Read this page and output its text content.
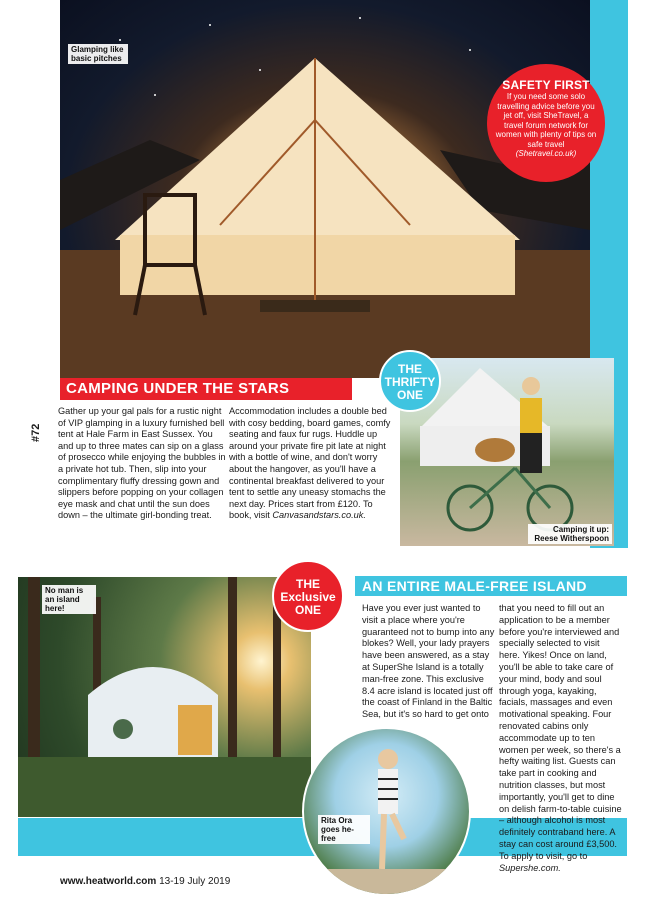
Glamping like basic pitches
SAFETY FIRST
If you need some solo travelling advice before you jet off, visit SheTravel, a travel forum network for women with plenty of tips on safe travel
(Shetravel.co.uk)
CAMPING UNDER THE STARS
Camping it up: Reese Witherspoon
THE
THRIFTY
ONE
#72
Gather up your gal pals for a rustic night of VIP glamping in a luxury furnished bell tent at Hale Farm in East Sussex. You and up to three mates can sip on a glass of prosecco while enjoying the bubbles in a private hot tub. Then, slip into your complimentary fluffy dressing gown and slippers before popping on your collagen eye mask and chat until the sun does down – the ultimate girl-bonding treat.
Accommodation includes a double bed with cosy bedding, board games, comfy seating and faux fur rugs. Huddle up around your private fire pit late at night with a bottle of wine, and don't worry about the hangover, as you'll have a continental breakfast delivered to your tent to settle any uneasy stomachs the next day. Prices start from £120. To book, visit Canvasandstars.co.uk.
No man is an island here!
THE
Exclusive
ONE
AN ENTIRE MALE-FREE ISLAND
Have you ever just wanted to visit a place where you're guaranteed not to bump into any blokes? Well, your lady prayers have been answered, as a stay at SuperShe Island is a totally man-free zone. This exclusive 8.4 acre island is located just off the coast of Finland in the Baltic Sea, but it's so hard to get onto
that you need to fill out an application to be a member before you're interviewed and specially selected to visit here. Yikes! Once on land, you'll be able to take care of your mind, body and soul through yoga, kayaking, facials, massages and even motivational speaking. Four renovated cabins only accommodate up to ten women per week, so there's a hefty waiting list. Guests can take part in cooking and nutrition classes, but most importantly, you'll get to dine on delish farm-to-table cuisine – although alcohol is most definitely contraband here. A stay can cost around £3,500. To apply to visit, go to Supershe.com.
Rita Ora goes he-free
www.heatworld.com 13-19 July 2019
